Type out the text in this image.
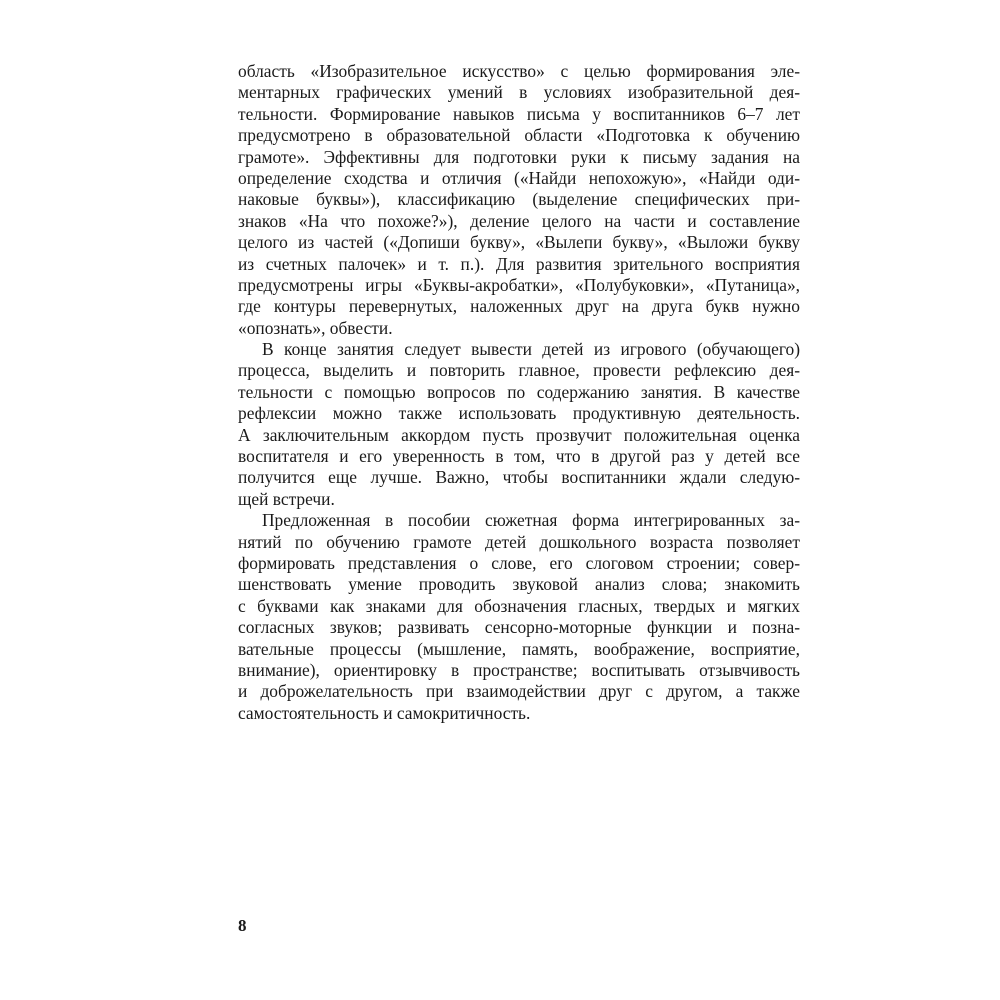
область «Изобразительное искусство» с целью формирования эле-
ментарных графических умений в условиях изобразительной дея-
тельности. Формирование навыков письма у воспитанников 6–7 лет
предусмотрено в образовательной области «Подготовка к обучению
грамоте». Эффективны для подготовки руки к письму задания на
определение сходства и отличия («Найди непохожую», «Найди оди-
наковые буквы»), классификацию (выделение специфических при-
знаков «На что похоже?»), деление целого на части и составление
целого из частей («Допиши букву», «Вылепи букву», «Выложи букву
из счетных палочек» и т. п.). Для развития зрительного восприятия
предусмотрены игры «Буквы-акробатки», «Полубуковки», «Путаница»,
где контуры перевернутых, наложенных друг на друга букв нужно
«опознать», обвести.
В конце занятия следует вывести детей из игрового (обучающего)
процесса, выделить и повторить главное, провести рефлексию дея-
тельности с помощью вопросов по содержанию занятия. В качестве
рефлексии можно также использовать продуктивную деятельность.
А заключительным аккордом пусть прозвучит положительная оценка
воспитателя и его уверенность в том, что в другой раз у детей все
получится еще лучше. Важно, чтобы воспитанники ждали следую-
щей встречи.
Предложенная в пособии сюжетная форма интегрированных за-
нятий по обучению грамоте детей дошкольного возраста позволяет
формировать представления о слове, его слоговом строении; совер-
шенствовать умение проводить звуковой анализ слова; знакомить
с буквами как знаками для обозначения гласных, твердых и мягких
согласных звуков; развивать сенсорно-моторные функции и позна-
вательные процессы (мышление, память, воображение, восприятие,
внимание), ориентировку в пространстве; воспитывать отзывчивость
и доброжелательность при взаимодействии друг с другом, а также
самостоятельность и самокритичность.
8
